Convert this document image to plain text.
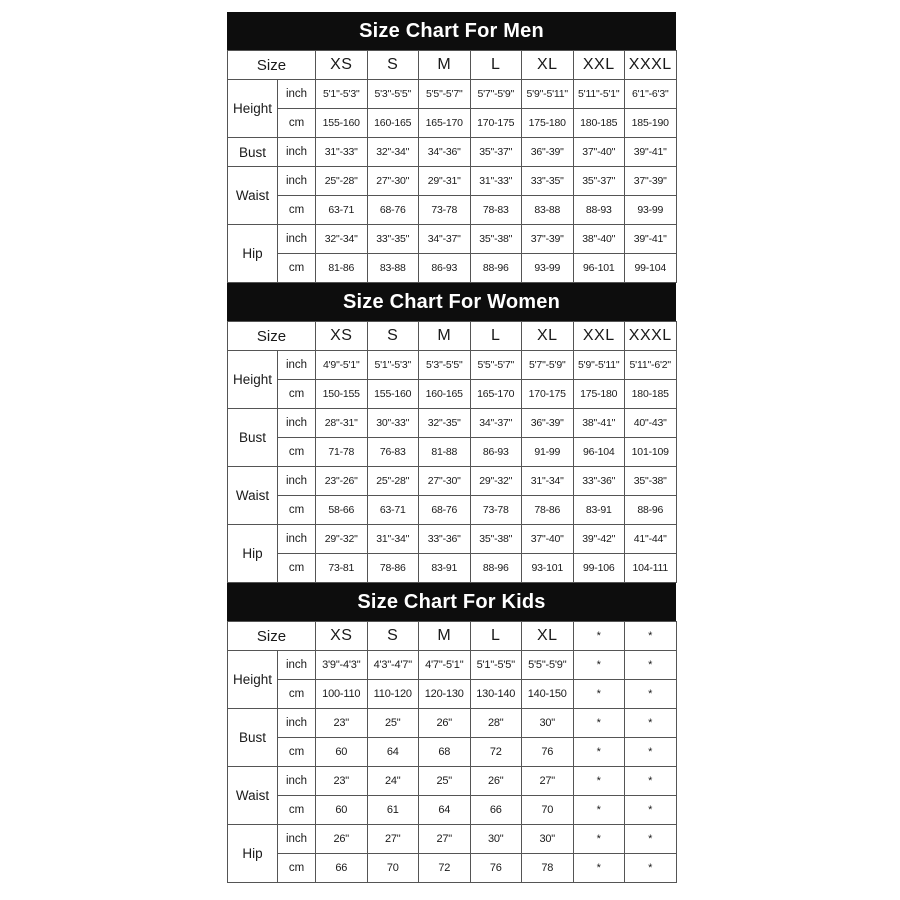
Size Chart For Men
Size		XS	S	M	L	XL	XXL	XXXL
Height	inch	5'1"-5'3"	5'3"-5'5"	5'5"-5'7"	5'7"-5'9"	5'9"-5'11"	5'11"-5'1"	6'1"-6'3"
	cm	155-160	160-165	165-170	170-175	175-180	180-185	185-190
Bust	inch	31"-33"	32"-34"	34"-36"	35"-37"	36"-39"	37"-40"	39"-41"
Waist	inch	25"-28"	27"-30"	29"-31"	31"-33"	33"-35"	35"-37"	37"-39"
	cm	63-71	68-76	73-78	78-83	83-88	88-93	93-99
Hip	inch	32"-34"	33"-35"	34"-37"	35"-38"	37"-39"	38"-40"	39"-41"
	cm	81-86	83-88	86-93	88-96	93-99	96-101	99-104
Size Chart For Women
Size		XS	S	M	L	XL	XXL	XXXL
Height	inch	4'9"-5'1"	5'1"-5'3"	5'3"-5'5"	5'5"-5'7"	5'7"-5'9"	5'9"-5'11"	5'11"-6'2"
	cm	150-155	155-160	160-165	165-170	170-175	175-180	180-185
Bust	inch	28"-31"	30"-33"	32"-35"	34"-37"	36"-39"	38"-41"	40"-43"
	cm	71-78	76-83	81-88	86-93	91-99	96-104	101-109
Waist	inch	23"-26"	25"-28"	27"-30"	29"-32"	31"-34"	33"-36"	35"-38"
	cm	58-66	63-71	68-76	73-78	78-86	83-91	88-96
Hip	inch	29"-32"	31"-34"	33"-36"	35"-38"	37"-40"	39"-42"	41"-44"
	cm	73-81	78-86	83-91	88-96	93-101	99-106	104-111
Size Chart For Kids
Size		XS	S	M	L	XL	*	*
Height	inch	3'9"-4'3"	4'3"-4'7"	4'7"-5'1"	5'1"-5'5"	5'5"-5'9"	*	*
	cm	100-110	110-120	120-130	130-140	140-150	*	*
Bust	inch	23"	25"	26"	28"	30"	*	*
	cm	60	64	68	72	76	*	*
Waist	inch	23"	24"	25"	26"	27"	*	*
	cm	60	61	64	66	70	*	*
Hip	inch	26"	27"	27"	30"	30"	*	*
	cm	66	70	72	76	78	*	*
